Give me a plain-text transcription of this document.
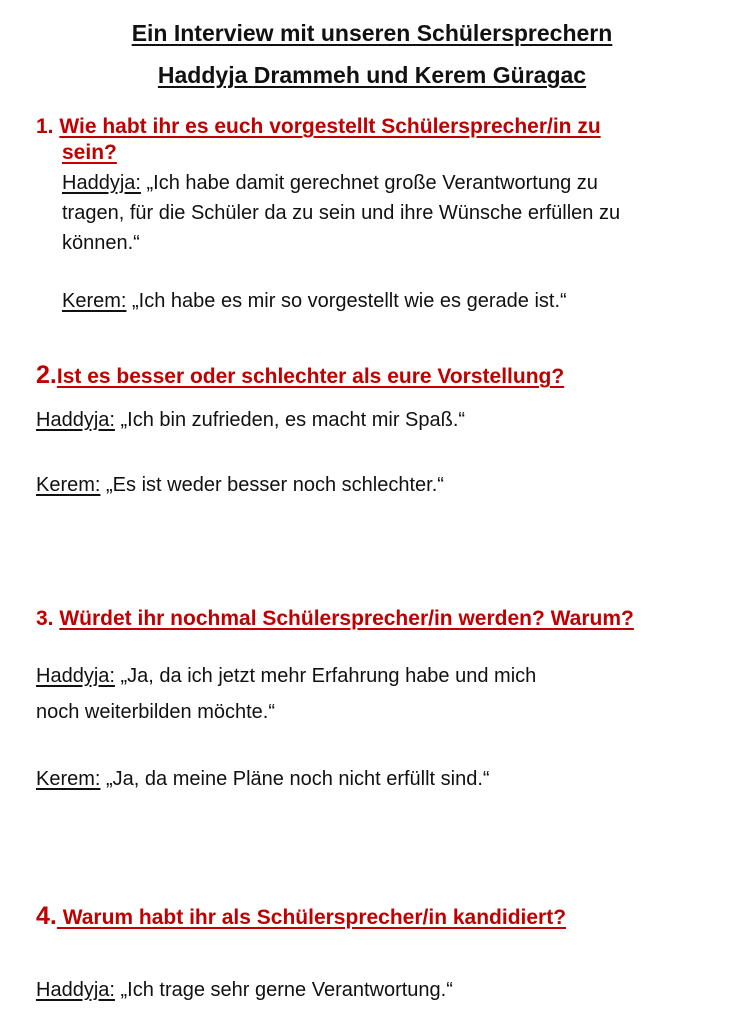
Ein Interview mit unseren Schülersprechern
Haddyja Drammeh und Kerem Güragac
1. Wie habt ihr es euch vorgestellt Schülersprecher/in zu
sein?
Haddyja: „Ich habe damit gerechnet große Verantwortung zu
tragen, für die Schüler da zu sein und ihre Wünsche erfüllen zu
können.“
Kerem: „Ich habe es mir so vorgestellt wie es gerade ist.“
2.Ist es besser oder schlechter als eure Vorstellung?
Haddyja: „Ich bin zufrieden, es macht mir Spaß.“
Kerem: „Es ist weder besser noch schlechter.“
3. Würdet ihr nochmal Schülersprecher/in werden? Warum?
Haddyja: „Ja, da ich jetzt mehr Erfahrung habe und mich
noch weiterbilden möchte.“
Kerem: „Ja, da meine Pläne noch nicht erfüllt sind.“
4. Warum habt ihr als Schülersprecher/in kandidiert?
Haddyja: „Ich trage sehr gerne Verantwortung.“
